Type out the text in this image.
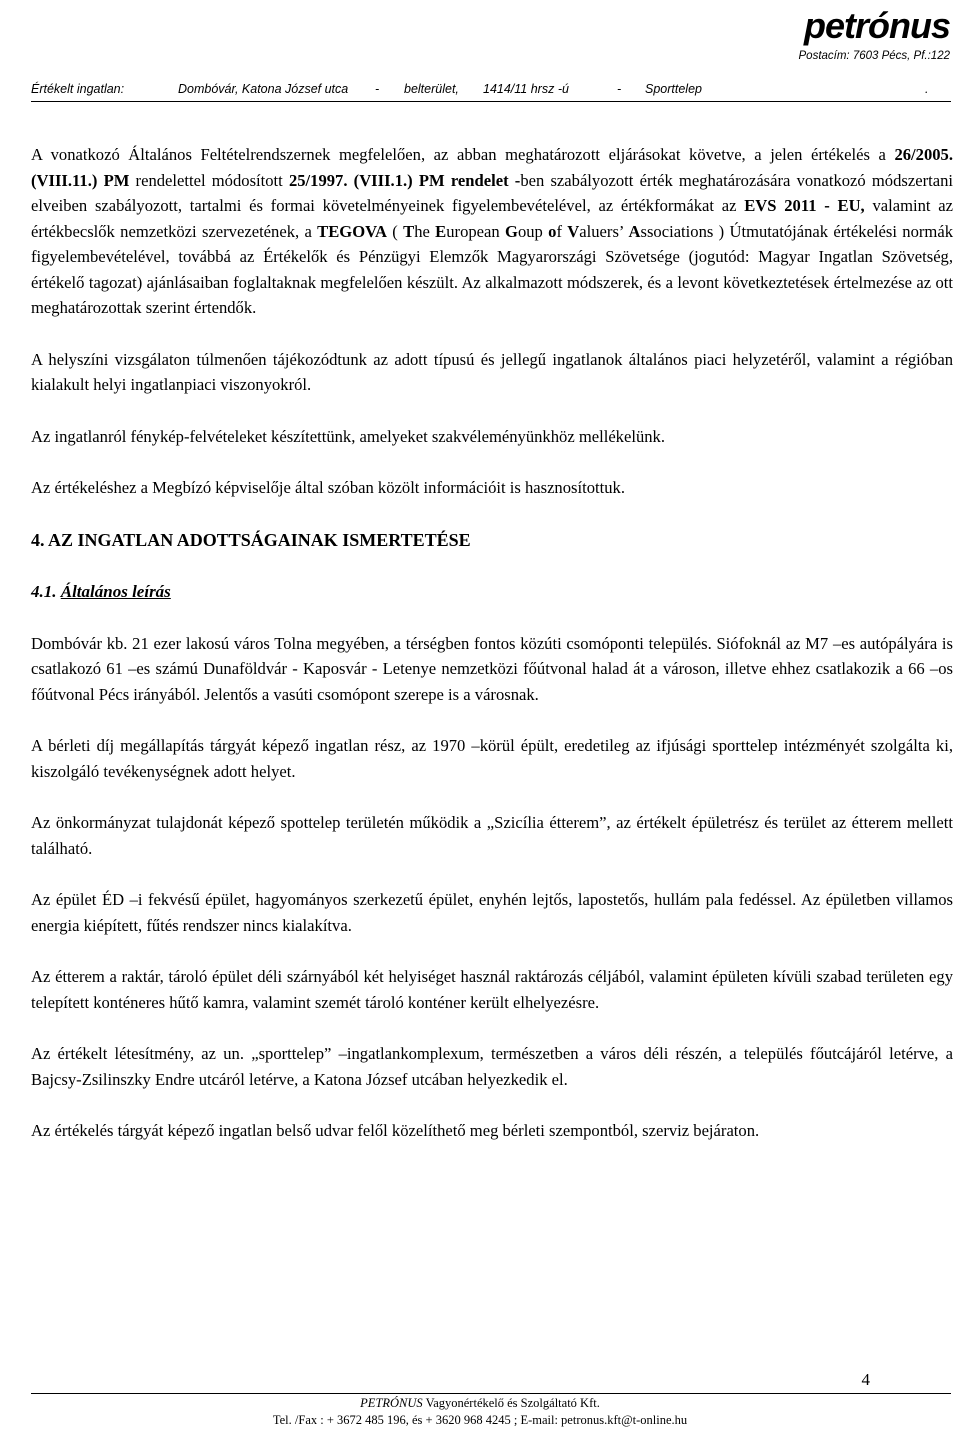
petrónus
Postacím: 7603 Pécs, Pf.:122
Értékelt ingatlan:	Dombóvár, Katona József utca - belterület, 1414/11 hrsz -ú	- Sporttelep	.

A vonatkozó Általános Feltételrendszernek megfelelően, az abban meghatározott eljárásokat követve, a jelen értékelés a 26/2005. (VIII.11.) PM rendelettel módosított 25/1997. (VIII.1.) PM rendelet -ben szabályozott érték meghatározására vonatkozó módszertani elveiben szabályozott, tartalmi és formai követelményeinek figyelembevételével, az értékformákat az EVS 2011 - EU, valamint az értékbecslők nemzetközi szervezetének, a TEGOVA ( The European Goup of Valuers’ Associations ) Útmutatójának értékelési normák figyelembevételével, továbbá az Értékelők és Pénzügyi Elemzők Magyarországi Szövetsége (jogutód: Magyar Ingatlan Szövetség, értékelő tagozat) ajánlásaiban foglaltaknak megfelelően készült. Az alkalmazott módszerek, és a levont következtetések értelmezése az ott meghatározottak szerint értendők.

A helyszíni vizsgálaton túlmenően tájékozódtunk az adott típusú és jellegű ingatlanok általános piaci helyzetéről, valamint a régióban kialakult helyi ingatlanpiaci viszonyokról.

Az ingatlanról fénykép-felvételeket készítettünk, amelyeket szakvéleményünkhöz mellékelünk.

Az értékeléshez a Megbízó képviselője által szóban közölt információit is hasznosítottuk.

4. AZ INGATLAN ADOTTSÁGAINAK ISMERTETÉSE
4.1. Általános leírás

Dombóvár kb. 21 ezer lakosú város Tolna megyében, a térségben fontos közúti csomóponti település. Siófoknál az M7 –es autópályára is csatlakozó 61 –es számú Dunaföldvár - Kaposvár - Letenye nemzetközi főútvonal halad át a városon, illetve ehhez csatlakozik a 66 –os főútvonal Pécs irányából. Jelentős a vasúti csomópont szerepe is a városnak.

A bérleti díj megállapítás tárgyát képező ingatlan rész, az 1970 –körül épült, eredetileg az ifjúsági sporttelep intézményét szolgálta ki, kiszolgáló tevékenységnek adott helyet.

Az önkormányzat tulajdonát képező spottelep területén működik a „Szicília étterem”, az értékelt épületrész és terület az étterem mellett található.

Az épület ÉD –i fekvésű épület, hagyományos szerkezetű épület, enyhén lejtős, lapostetős, hullám pala fedéssel. Az épületben villamos energia kiépített, fűtés rendszer nincs kialakítva.

Az étterem a raktár, tároló épület déli szárnyából két helyiséget használ raktározás céljából, valamint épületen kívüli szabad területen egy telepített konténeres hűtő kamra, valamint szemét tároló konténer került elhelyezésre.

Az értékelt létesítmény, az un. „sporttelep” –ingatlankomplexum, természetben a város déli részén, a település főutcájáról letérve, a Bajcsy-Zsilinszky Endre utcáról letérve, a Katona József utcában helyezkedik el.

Az értékelés tárgyát képező ingatlan belső udvar felől közelíthető meg bérleti szempontból, szerviz bejáraton.

4
PETRÓNUS Vagyonértékelő és Szolgáltató Kft.
Tel. /Fax : + 3672 485 196, és + 3620 968 4245 ; E-mail: petronus.kft@t-online.hu
